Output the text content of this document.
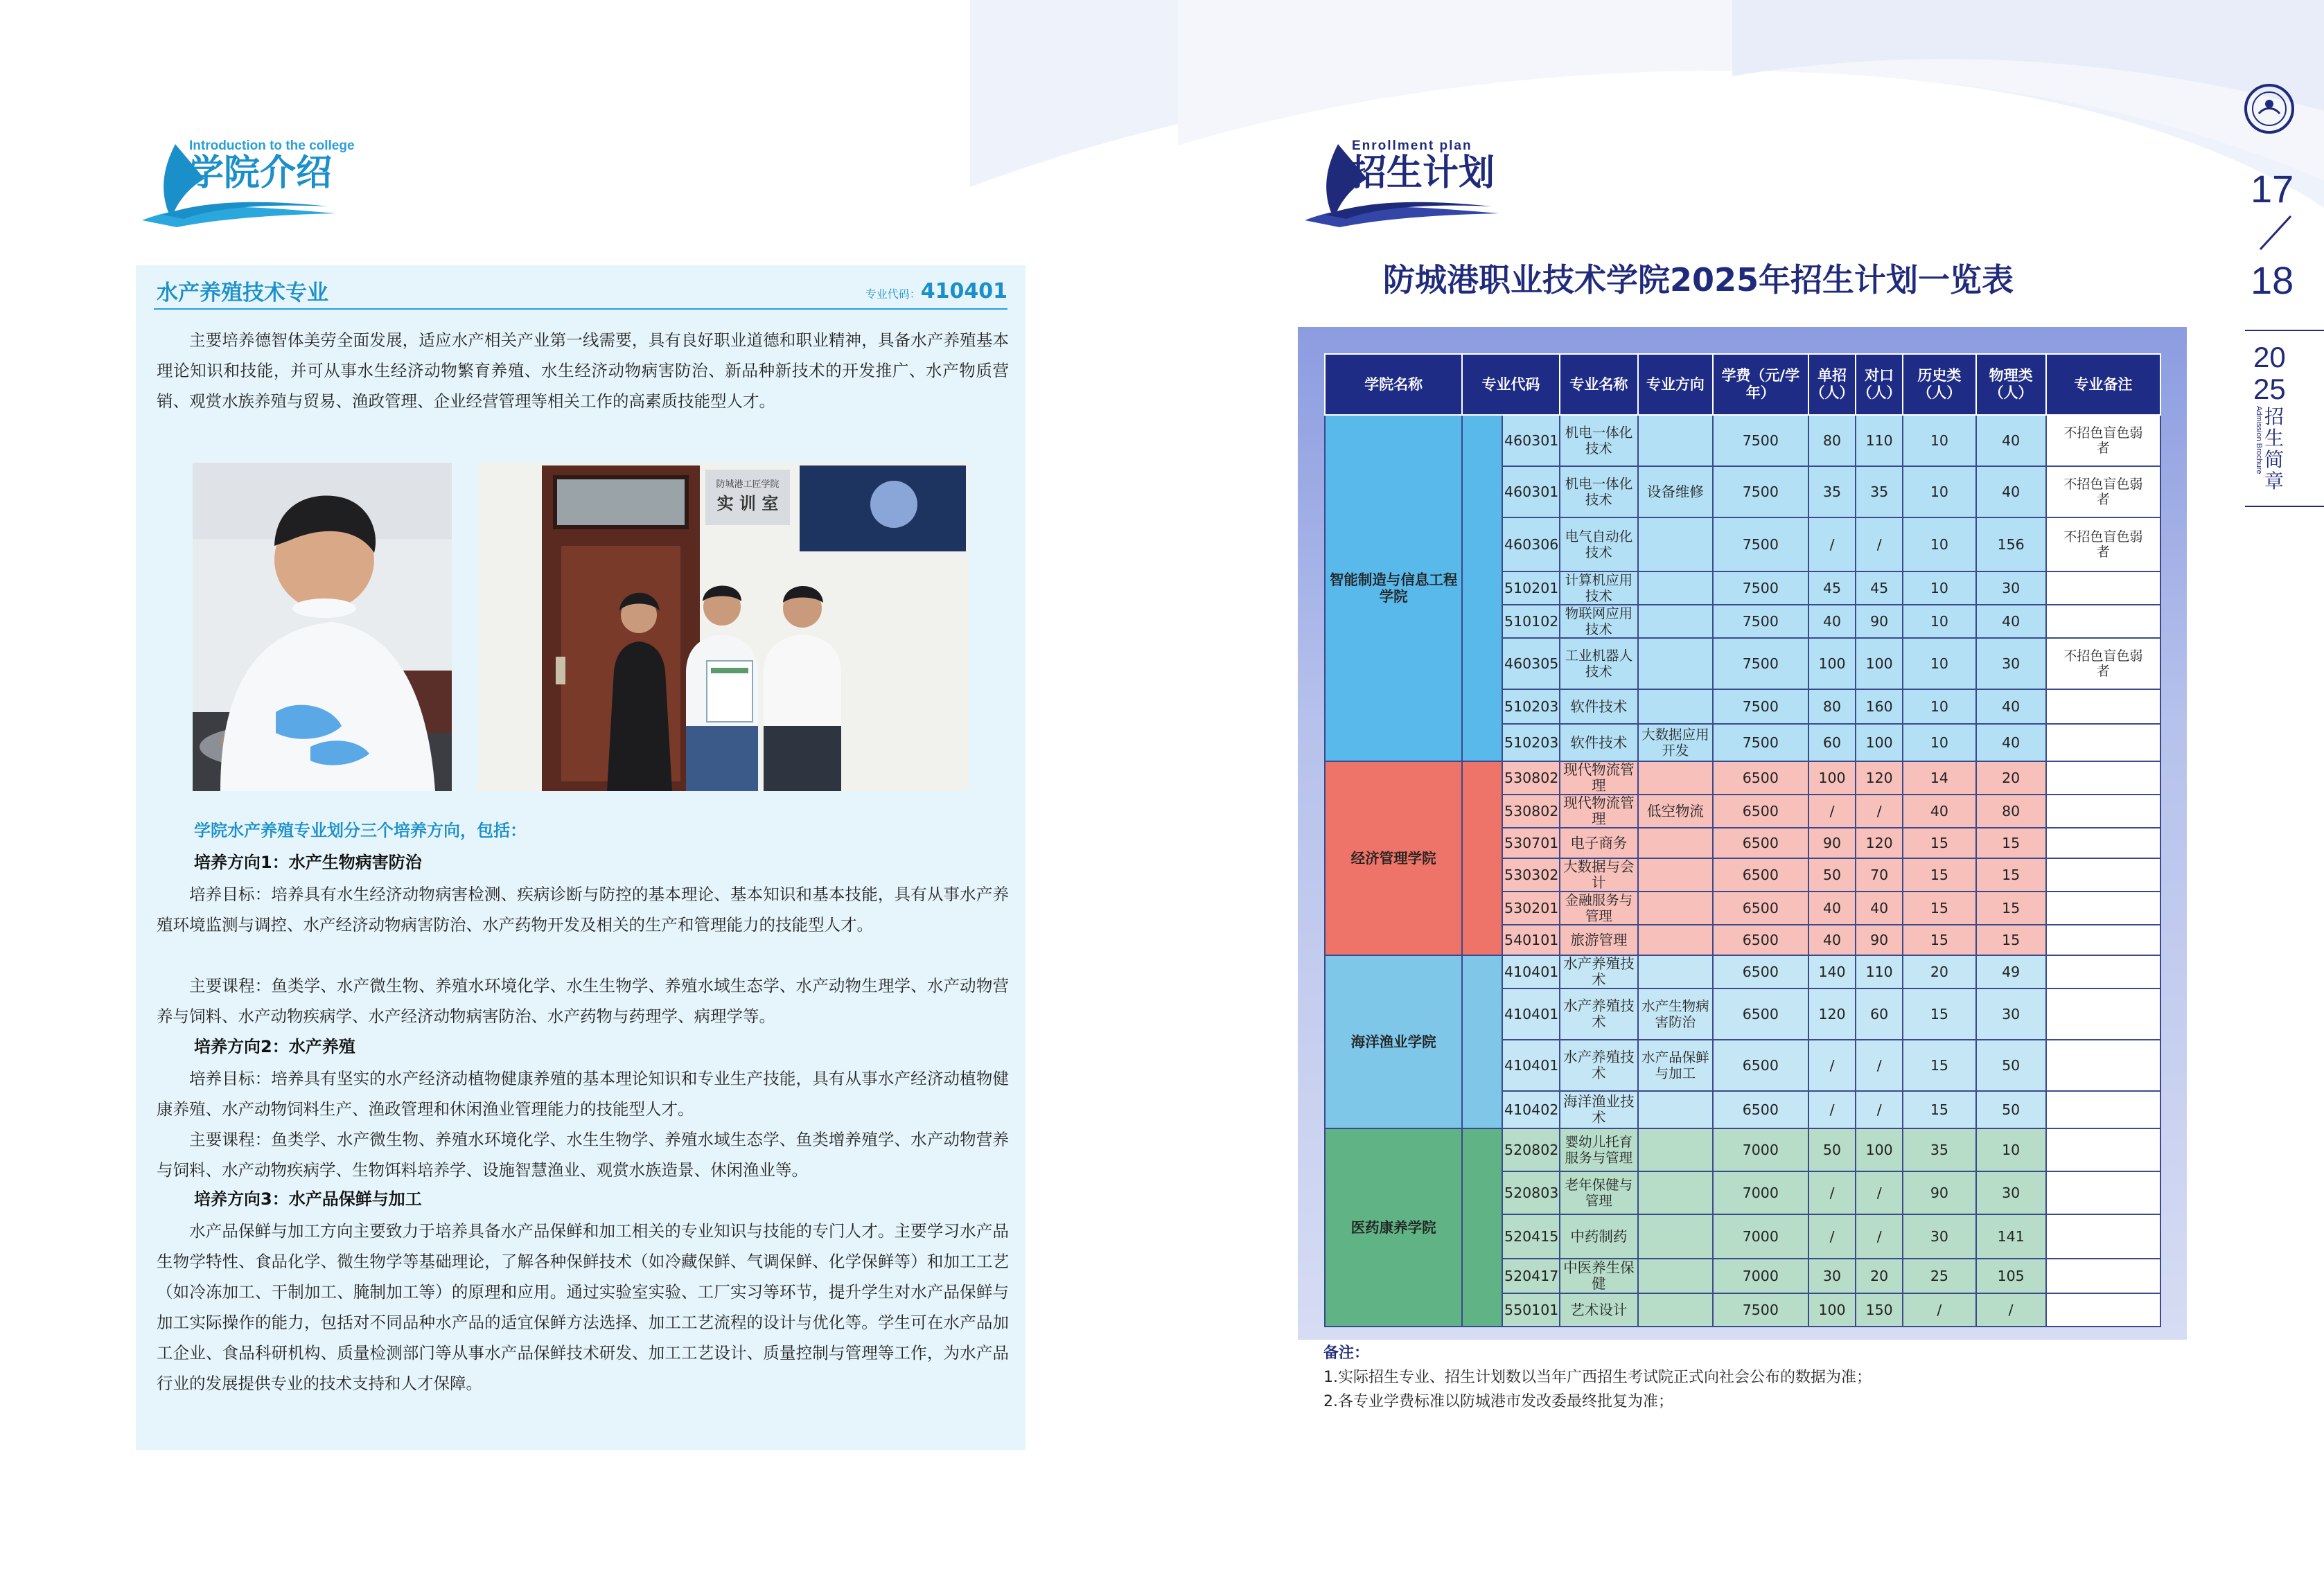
Introduction to the college
学院介绍
水产养殖技术专业	专业代码：410401
主要培养德智体美劳全面发展，适应水产相关产业第一线需要，具有良好职业道德和职业精神，具备水产养殖基本理论知识和技能，并可从事水生经济动物繁育养殖、水生经济动物病害防治、新品种新技术的开发推广、水产物质营销、观赏水族养殖与贸易、渔政管理、企业经营管理等相关工作的高素质技能型人才。
防城港工匠学院
实 训 室
学院水产养殖专业划分三个培养方向，包括：
培养方向1：水产生物病害防治
培养目标：培养具有水生经济动物病害检测、疾病诊断与防控的基本理论、基本知识和基本技能，具有从事水产养殖环境监测与调控、水产经济动物病害防治、水产药物开发及相关的生产和管理能力的技能型人才。
主要课程：鱼类学、水产微生物、养殖水环境化学、水生生物学、养殖水域生态学、水产动物生理学、水产动物营养与饲料、水产动物疾病学、水产经济动物病害防治、水产药物与药理学、病理学等。
培养方向2：水产养殖
培养目标：培养具有坚实的水产经济动植物健康养殖的基本理论知识和专业生产技能，具有从事水产经济动植物健康养殖、水产动物饲料生产、渔政管理和休闲渔业管理能力的技能型人才。
主要课程：鱼类学、水产微生物、养殖水环境化学、水生生物学、养殖水域生态学、鱼类增养殖学、水产动物营养与饲料、水产动物疾病学、生物饵料培养学、设施智慧渔业、观赏水族造景、休闲渔业等。
培养方向3：水产品保鲜与加工
水产品保鲜与加工方向主要致力于培养具备水产品保鲜和加工相关的专业知识与技能的专门人才。主要学习水产品生物学特性、食品化学、微生物学等基础理论，了解各种保鲜技术（如冷藏保鲜、气调保鲜、化学保鲜等）和加工工艺（如冷冻加工、干制加工、腌制加工等）的原理和应用。通过实验室实验、工厂实习等环节，提升学生对水产品保鲜与加工实际操作的能力，包括对不同品种水产品的适宜保鲜方法选择、加工工艺流程的设计与优化等。学生可在水产品加工企业、食品科研机构、质量检测部门等从事水产品保鲜技术研发、加工工艺设计、质量控制与管理等工作，为水产品行业的发展提供专业的技术支持和人才保障。
Enrollment plan
招生计划
防城港职业技术学院2025年招生计划一览表
学院名称	专业代码		专业名称	专业方向	学费（元/学年）	单招（人）	对口（人）	历史类（人）	物理类（人）	专业备注
智能制造与信息工程学院		460301	机电一体化技术		7500	80	110	10	40	不招色盲色弱者
		460301	机电一体化技术	设备维修	7500	35	35	10	40	不招色盲色弱者
		460306	电气自动化技术		7500	/	/	10	156	不招色盲色弱者
		510201	计算机应用技术		7500	45	45	10	30	
		510102	物联网应用技术		7500	40	90	10	40	
		460305	工业机器人技术		7500	100	100	10	30	不招色盲色弱者
		510203	软件技术		7500	80	160	10	40	
		510203	软件技术	大数据应用开发	7500	60	100	10	40	
经济管理学院		530802	现代物流管理		6500	100	120	14	20	
		530802	现代物流管理	低空物流	6500	/	/	40	80	
		530701	电子商务		6500	90	120	15	15	
		530302	大数据与会计		6500	50	70	15	15	
		530201	金融服务与管理		6500	40	40	15	15	
		540101	旅游管理		6500	40	90	15	15	
海洋渔业学院		410401	水产养殖技术		6500	140	110	20	49	
		410401	水产养殖技术	水产生物病害防治	6500	120	60	15	30	
		410401	水产养殖技术	水产品保鲜与加工	6500	/	/	15	50	
		410402	海洋渔业技术		6500	/	/	15	50	
医药康养学院		520802	婴幼儿托育服务与管理		7000	50	100	35	10	
		520803	老年保健与管理		7000	/	/	90	30	
		520415	中药制药		7000	/	/	30	141	
		520417	中医养生保健		7000	30	20	25	105	
		550101	艺术设计		7500	100	150	/	/	
备注：
1.实际招生专业、招生计划数以当年广西招生考试院正式向社会公布的数据为准；
2.各专业学费标准以防城港市发改委最终批复为准；
17
18
20
25
招
生
简
章
Admission Brochure
